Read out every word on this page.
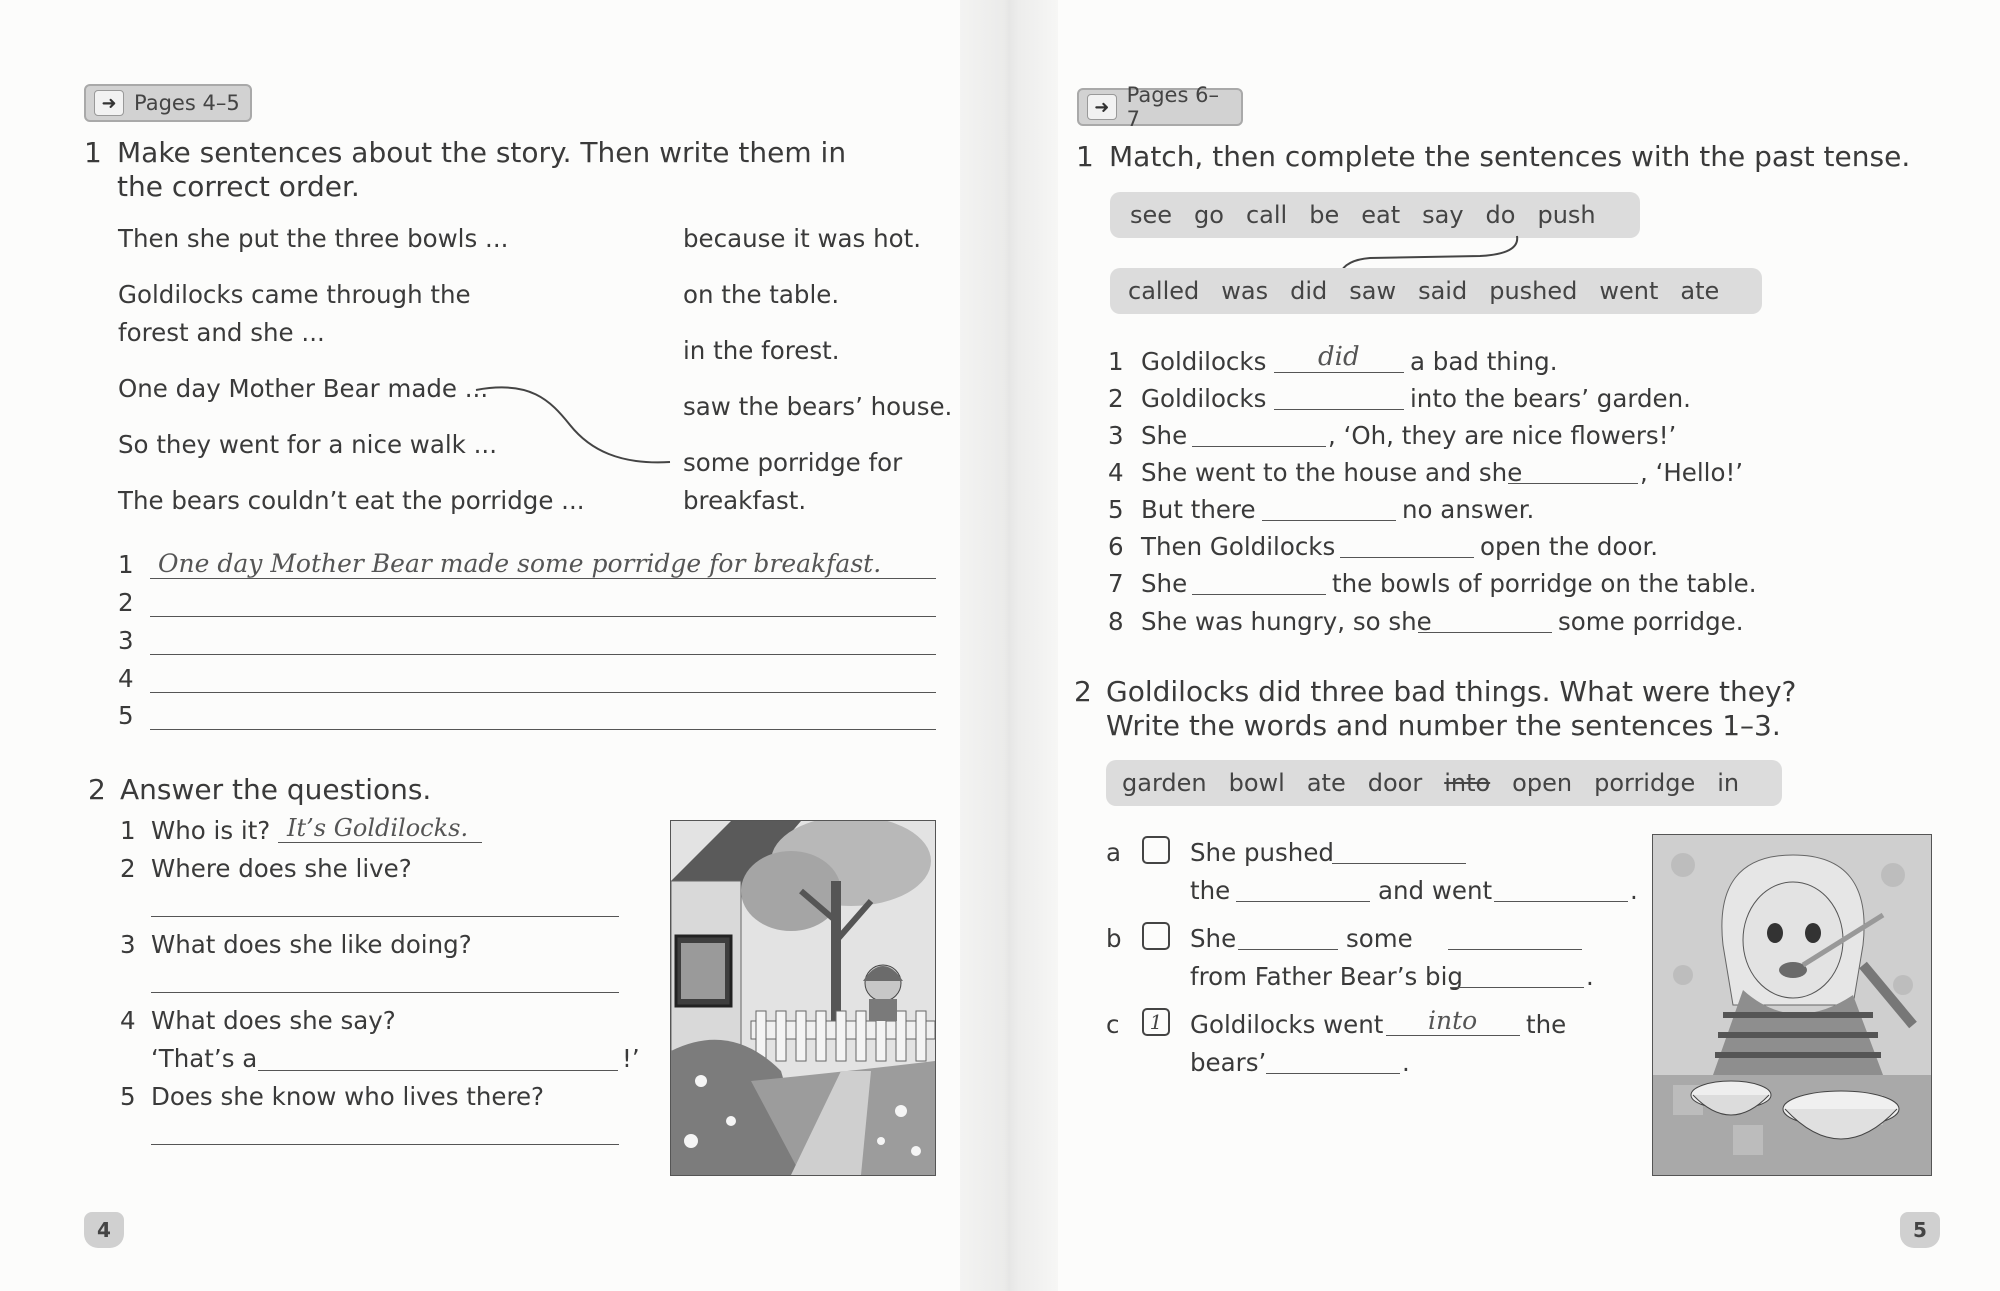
➜ Pages 4–5
1 Make sentences about the story. Then write them in
the correct order.
Then she put the three bowls ...
Goldilocks came through the
forest and she ...
One day Mother Bear made ...
So they went for a nice walk ...
The bears couldn’t eat the porridge ...
because it was hot.
on the table.
in the forest.
saw the bears’ house.
some porridge for
breakfast.
1
2
3
4
5
One day Mother Bear made some porridge for breakfast.
2 Answer the questions.
1 Who is it? It’s Goldilocks.
2 Where does she live?
3 What does she like doing?
4 What does she say?
‘That’s a	!’
5 Does she know who lives there?
4
➜ Pages 6–7
1 Match, then complete the sentences with the past tense.
see go call be eat say do push
called was did saw said pushed went ate
1 Goldilocks did a bad thing.
2 Goldilocks	into the bears’ garden.
3 She	, ‘Oh, they are nice flowers!’
4 She went to the house and she	, ‘Hello!’
5 But there	no answer.
6 Then Goldilocks	open the door.
7 She	the bowls of porridge on the table.
8 She was hungry, so she	some porridge.
2 Goldilocks did three bad things. What were they?
Write the words and number the sentences 1–3.
garden bowl ate door into open porridge in
a	She pushed
the	and went	.
b	She	some
from Father Bear’s big	.
c	1	Goldilocks went into the
bears’	.
5
